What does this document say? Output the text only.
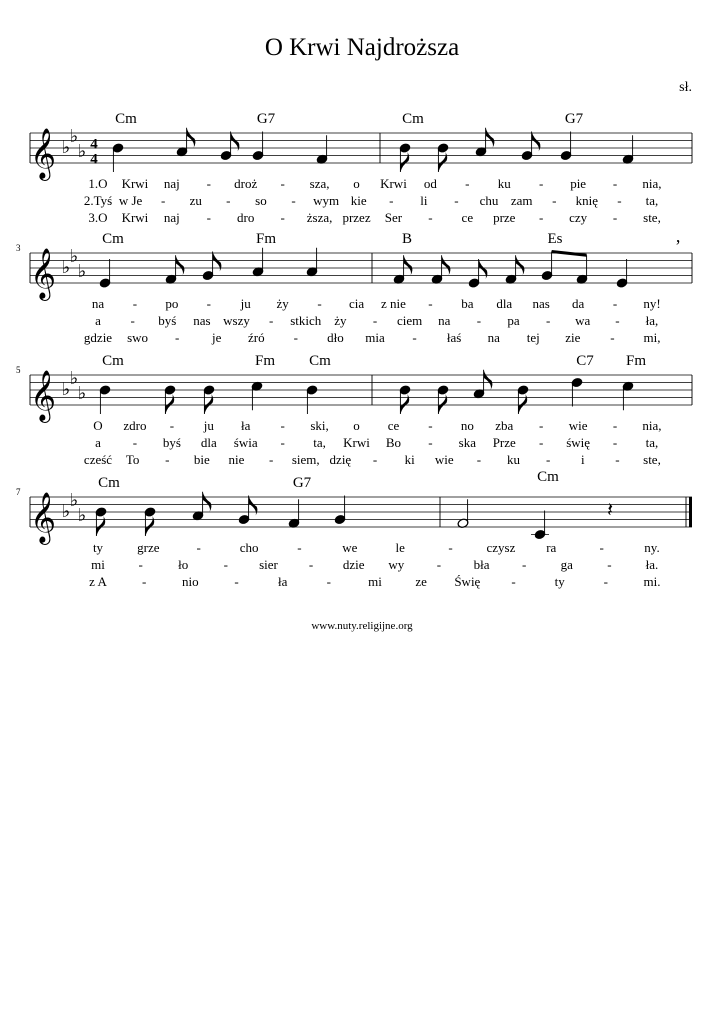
O Krwi Najdroższa
sł.
𝄞 ♭
♭
♭ 4
4
Cm	G7	Cm	G7
1.O Krwi naj - droż - sza, o Krwi od - ku - pie - nia,
2.Tyś w Je - zu - so - wym kie - li - chu zam - knię - ta,
3.O Krwi naj - dro - ższa, przez Ser - ce prze - czy - ste,
𝄞 ♭
♭
♭
3	’
Cm	Fm	B	Es
na - po - ju ży - cia z nie - ba dla nas da - ny!
a - byś nas wszy - stkich ży - ciem na - pa - wa - ła,
gdzie swo -	je źró - dło mia - łaś na tej zie - mi,
𝄞 ♭
♭
♭
5
Cm	Fm Cm	C7 Fm
O zdro - ju ła - ski, o ce - no zba - wie - nia,
a - byś dla świa - ta, Krwi Bo - ska Prze - świę - ta,
cześć To - bie nie - siem, dzię - ki wie - ku - i - ste,
𝄞 ♭
♭
♭
7
𝄽
Cm	G7	Cm
ty	grze	-	cho	-	we	le	-	czysz ra	-	ny.
mi	-	ło	- sier - dzie wy - bła -	ga	-	ła.
z A	-	nio	-	ła	-	mi	ze Świę -	ty	-	mi.
www.nuty.religijne.org
